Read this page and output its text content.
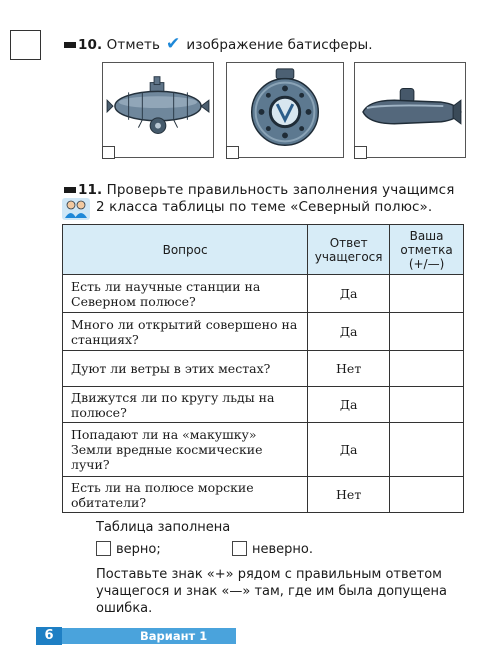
10. Отметь ✔ изображение батисферы.
11. Проверьте правильность заполнения учащимся
2 класса таблицы по теме «Северный полюс».
Вопрос	Ответ учащегося	Ваша отметка (+/—)
Есть ли научные станции на Северном полюсе?	Да	
Много ли открытий совершено на станциях?	Да	
Дуют ли ветры в этих местах?	Нет	
Движутся ли по кругу льды на полюсе?	Да	
Попадают ли на «макушку» Земли вредные космические лучи?	Да	
Есть ли на полюсе морские обитатели?	Нет	
Таблица заполнена
верно;	неверно.
Поставьте знак «+» рядом с правильным ответом учащегося и знак «—» там, где им была допущена ошибка.
6	Вариант 1
